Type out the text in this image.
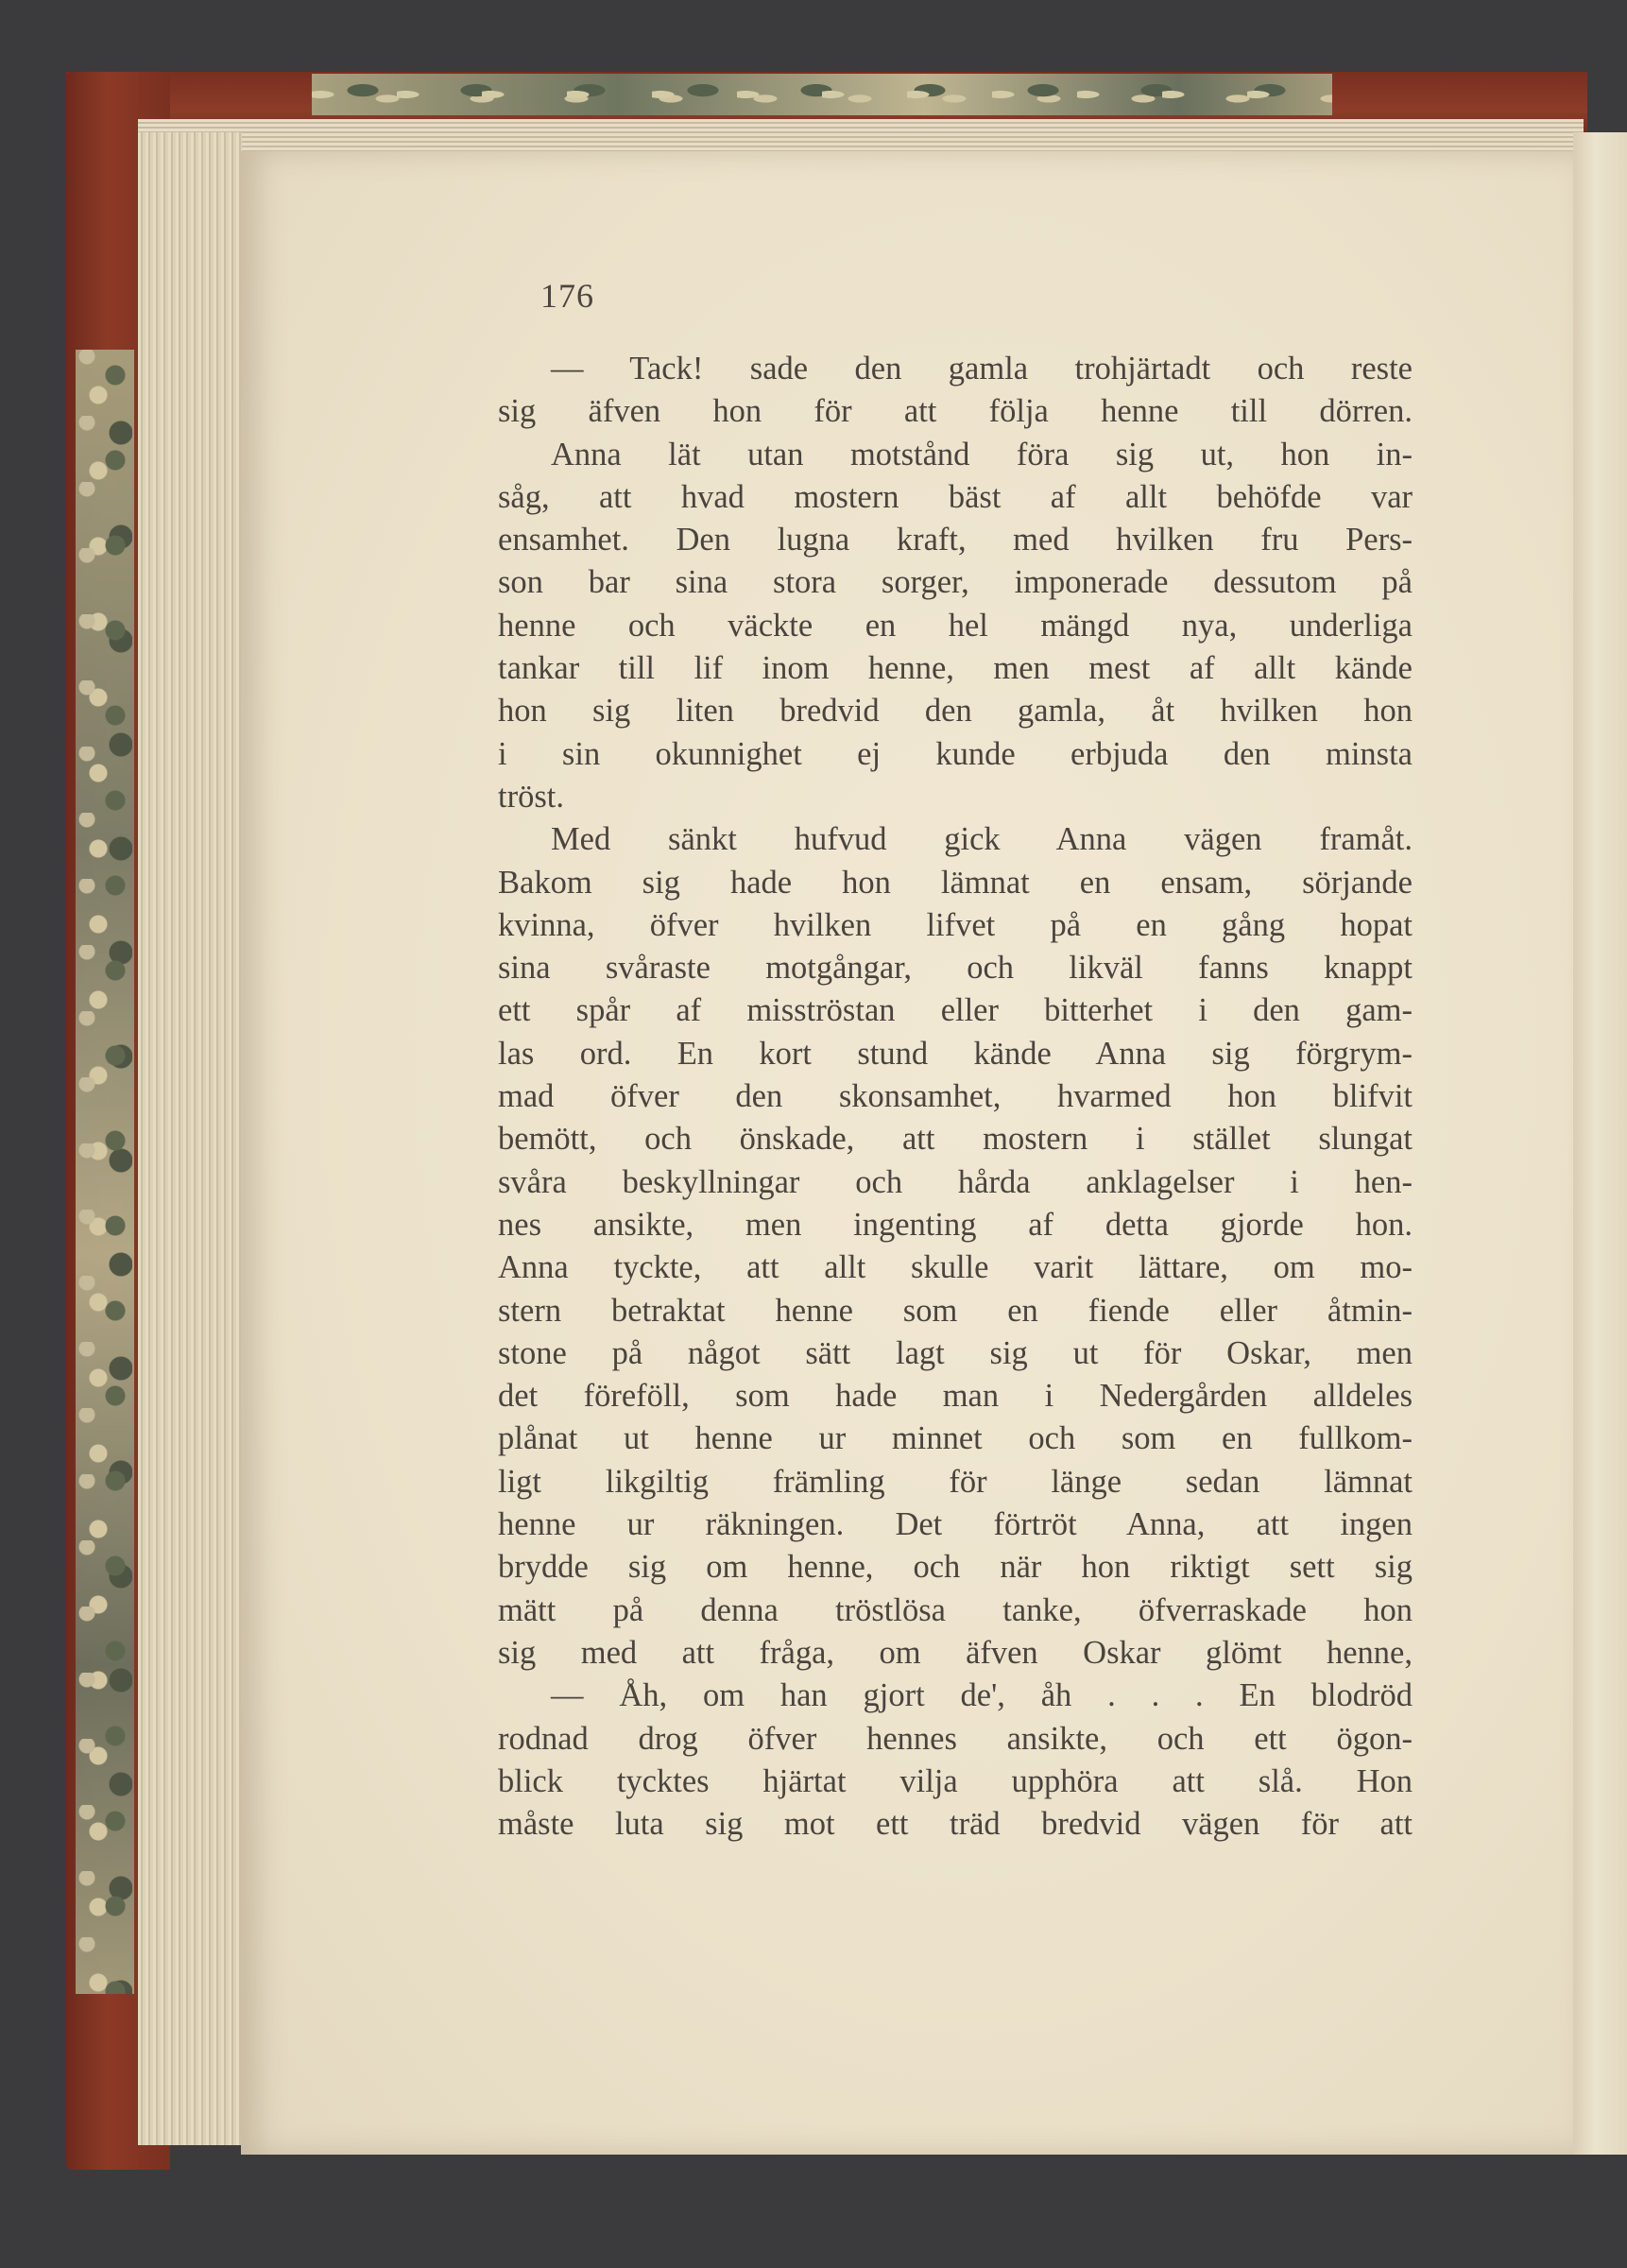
176
— Tack! sade den gamla trohjärtadt och reste
sig äfven hon för att följa henne till dörren.
Anna lät utan motstånd föra sig ut, hon in-
såg, att hvad mostern bäst af allt behöfde var
ensamhet. Den lugna kraft, med hvilken fru Pers-
son bar sina stora sorger, imponerade dessutom på
henne och väckte en hel mängd nya, underliga
tankar till lif inom henne, men mest af allt kände
hon sig liten bredvid den gamla, åt hvilken hon
i sin okunnighet ej kunde erbjuda den minsta
tröst.
Med sänkt hufvud gick Anna vägen framåt.
Bakom sig hade hon lämnat en ensam, sörjande
kvinna, öfver hvilken lifvet på en gång hopat
sina svåraste motgångar, och likväl fanns knappt
ett spår af misströstan eller bitterhet i den gam-
las ord. En kort stund kände Anna sig förgrym-
mad öfver den skonsamhet, hvarmed hon blifvit
bemött, och önskade, att mostern i stället slungat
svåra beskyllningar och hårda anklagelser i hen-
nes ansikte, men ingenting af detta gjorde hon.
Anna tyckte, att allt skulle varit lättare, om mo-
stern betraktat henne som en fiende eller åtmin-
stone på något sätt lagt sig ut för Oskar, men
det föreföll, som hade man i Nedergården alldeles
plånat ut henne ur minnet och som en fullkom-
ligt likgiltig främling för länge sedan lämnat
henne ur räkningen. Det förtröt Anna, att ingen
brydde sig om henne, och när hon riktigt sett sig
mätt på denna tröstlösa tanke, öfverraskade hon
sig med att fråga, om äfven Oskar glömt henne,
— Åh, om han gjort de', åh . . . En blodröd
rodnad drog öfver hennes ansikte, och ett ögon-
blick tycktes hjärtat vilja upphöra att slå. Hon
måste luta sig mot ett träd bredvid vägen för att
